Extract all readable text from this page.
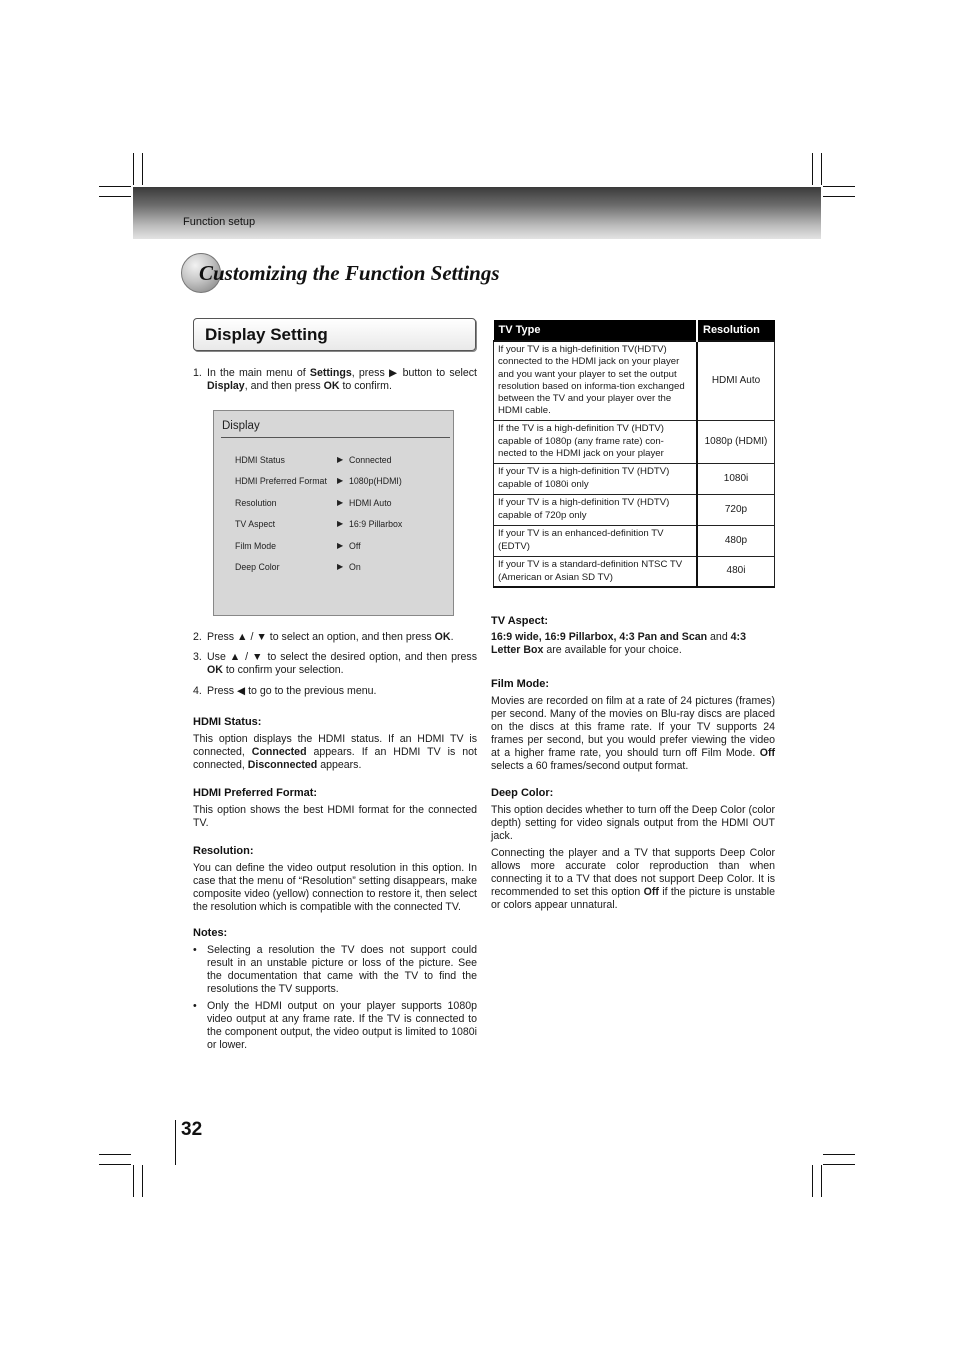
Function setup
Customizing the Function Settings
Display Setting
1. In the main menu of Settings, press ▶ button to select Display, and then press OK to confirm.
Display
HDMI Status	▶ Connected
HDMI Preferred Format ▶ 1080p(HDMI)
Resolution	▶ HDMI Auto
TV Aspect	▶ 16:9 Pillarbox
Film Mode	▶ Off
Deep Color	▶ On
2. Press ▲ / ▼ to select an option, and then press OK.
3. Use ▲ / ▼ to select the desired option, and then press OK to confirm your selection.
4. Press ◀ to go to the previous menu.
HDMI Status:
This option displays the HDMI status. If an HDMI TV is connected, Connected appears. If an HDMI TV is not connected, Disconnected appears.
HDMI Preferred Format:
This option shows the best HDMI format for the connected TV.
Resolution:
You can define the video output resolution in this option. In case that the menu of “Resolution” setting disappears, make composite video (yellow) connection to restore it, then select the resolution which is compatible with the connected TV.
Notes:
• Selecting a resolution the TV does not support could result in an unstable picture or loss of the picture. See the documentation that came with the TV to find the resolutions the TV supports.
• Only the HDMI output on your player supports 1080p video output at any frame rate. If the TV is connected to the component output, the video output is limited to 1080i or lower.
TV Type	Resolution
If your TV is a high-definition TV(HDTV) connected to the HDMI jack on your player and you want your player to set the output resolution based on informa-tion exchanged between the TV and your player over the HDMI cable.	HDMI Auto
If the TV is a high-definition TV (HDTV) capable of 1080p (any frame rate) con-nected to the HDMI jack on your player	1080p (HDMI)
If your TV is a high-definition TV (HDTV) capable of 1080i only	1080i
If your TV is a high-definition TV (HDTV) capable of 720p only	720p
If your TV is an enhanced-definition TV (EDTV)	480p
If your TV is a standard-definition NTSC TV (American or Asian SD TV)	480i
TV Aspect:
16:9 wide, 16:9 Pillarbox, 4:3 Pan and Scan and 4:3 Letter Box are available for your choice.
Film Mode:
Movies are recorded on film at a rate of 24 pictures (frames) per second. Many of the movies on Blu-ray discs are placed on the discs at this frame rate. If your TV supports 24 frames per second, but you would prefer viewing the video at a higher frame rate, you should turn off Film Mode. Off selects a 60 frames/second output format.
Deep Color:
This option decides whether to turn off the Deep Color (color depth) setting for video signals output from the HDMI OUT jack.
Connecting the player and a TV that supports Deep Color allows more accurate color reproduction than when connecting it to a TV that does not support Deep Color. It is recommended to set this option Off if the picture is unstable or colors appear unnatural.
32
